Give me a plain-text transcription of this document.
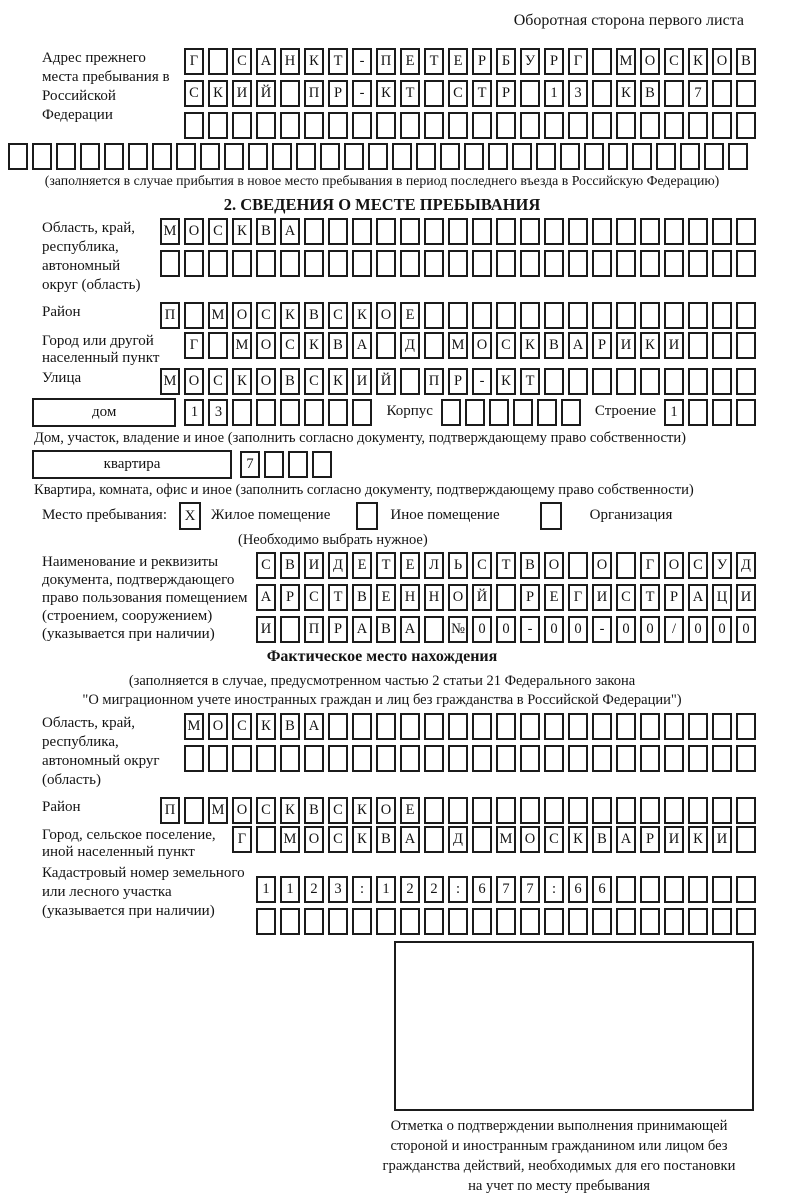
Оборотная сторона первого листа
Адрес прежнего места пребывания в Российской Федерации
Г	С А Н К	Т	-	П Е	Т	Е	Р	Б	У	Р	Г	М О С К О В
С К И Й	П	Р	-	К	Т	С	Т	Р	1	3	К В	7
(заполняется в случае прибытия в новое место пребывания в период последнего въезда в Российскую Федерацию)
2. СВЕДЕНИЯ О МЕСТЕ ПРЕБЫВАНИЯ
Область, край, республика, автономный округ (область)
М О С К В А
Район	П	М О С К В С К О Е
Город или другой населенный пункт
Г	М О С К В А	Д	М О С К В А	Р	И К И
Улица	М О С К О В С К И Й	П	Р	-	К	Т
дом	1	3	Корпус	Строение 1
Дом, участок, владение и иное (заполнить согласно документу, подтверждающему право собственности)
квартира	7
Квартира, комната, офис и иное (заполнить согласно документу, подтверждающему право собственности)
Место пребывания:	X	Жилое помещение	Иное помещение	Организация
(Необходимо выбрать нужное)
Наименование и реквизиты документа, подтверждающего право пользования помещением (строением, сооружением) (указывается при наличии)
С В И Д	Е	Т	Е	Л	Ь	С	Т	В О	О	Г	О С У Д
А	Р	С	Т	В	Е Н Н О Й	Р	Е	Г	И С	Т	Р	А Ц И
И	П	Р	А В А	№ 0	0	-	0	0	-	0	0	/	0	0	0
Фактическое место нахождения
(заполняется в случае, предусмотренном частью 2 статьи 21 Федерального закона
"О миграционном учете иностранных граждан и лиц без гражданства в Российской Федерации")
Область, край, республика, автономный округ (область)
М О С К В А
Район	П	М О С К В С К О Е
Город, сельское поселение, иной населенный пункт
Г	М О С К В А	Д	М О С К В А	Р	И К И
Кадастровый номер земельного или лесного участка (указывается при наличии)
1	1	2	3	:	1	2	2	:	6	7	7	:	6	6
Отметка о подтверждении выполнения принимающей
стороной и иностранным гражданином или лицом без
гражданства действий, необходимых для его постановки
на учет по месту пребывания
